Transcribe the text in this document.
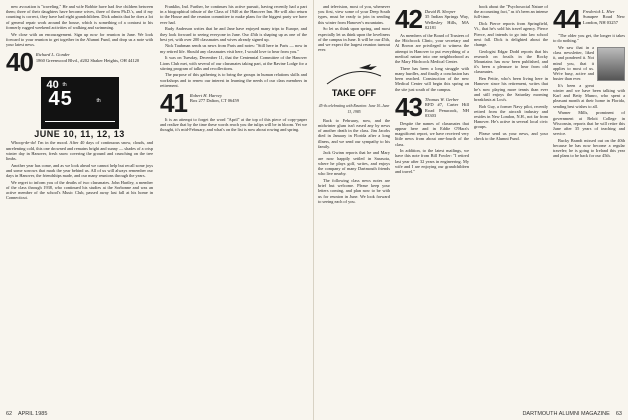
new avocation is "traveling." He and wife Bobbie have had five children between them; three of their daughters have become wives, three of them Ph.D.'s, and if my counting is correct, they have had eight grandchildren. Dick admits that he does a lot of general repair work around the house, which is something of a contrast to his formerly rugged weekend activities of walking and swimming.

We close with an encouragement. Sign up now for reunion in June. We look forward to your reunion to get together in the Alumni Fund, and drop us a note with your latest news.

40 Richard L. Gonder
1860 Greenwood Blvd., #202 Shaker Heights, OH 44120
40 th
45	th
JUNE 10, 11, 12, 13

Whoop-de-do! I'm in the mood. After 40 days of continuous snow, clouds, and unrelenting cold, this one drowned and remains bright and sunny — shades of a crisp winter day in Hanover, fresh snow covering the ground and crunching on the tree limbs.

Another year has come, and as we look ahead we cannot help but recall some joys and some sorrows that mark the year behind us. All of us will always remember our days in Hanover, the friendships made, and our many reunions through the years.

We regret to inform you of the deaths of two classmates. John Hartley, a member of the class through 1938, who continued his studies at the Sorbonne and was an active member of the school's Music Club, passed away last fall at his home in Connecticut.

Franklin, Ind. Further, he continues his active pursuit, having recently had a part in a biographical tribute of the Class of 1940 at the Hanover Inn. He will also return to the House and the reunion committee to make plans for the biggest party we have ever had.

Rudy Anderson writes that he and Jane have enjoyed many trips to Europe, and they look forward to seeing everyone in June. Our 45th is shaping up as one of the best yet, with over 200 classmates and wives already signed up.

Nick Taubman sends us news from Paris and notes: "Still here in Paris — now in my retired life. Should any classmates visit here, I would love to hear from you."

It was on Tuesday, December 11, that the Centennial Committee of the Hanover Lions Club met, with several of our classmates taking part, at the Ravine Lodge for a stirring program of talks and recollections.

The purpose of this gathering is to bring the groups in human relations skills and workshops and to renew our interest in learning the needs of our class members in retirement.

41 Robert H. Harvey
Box 277 Dalton, CT 06459

It is an attempt to forget the word "April" at the top of this piece of copy-paper and realize that by the time these words reach you the tulips will be in bloom. Yet we thought, it's mid-February, and what's on the list is now about rowing and spring.

62 APRIL 1985

and television, most of you, whenever you first, view some of your Deep South types, must be ready to join in sending this winter from Hanover's mountains.

So let us think upon spring, and most especially let us think upon the loveliness of the campus in June. It will be our 45th, and we expect the largest reunion turnout ever.

TAKE OFF
45-th celebrating with Reunion: June 10–June 13, 1985

Back to February, now, and the midwinter glum isn't eased any by news of another death in the class. Jim Jacobs died in January in Florida after a long illness, and we send our sympathy to his family.

Jack Gwinn reports that he and Mary are now happily settled in Sarasota, where he plays golf, writes, and enjoys the company of many Dartmouth friends who live nearby.

The following class news notes are brief but welcome. Please keep your letters coming, and plan now to be with us for reunion in June. We look forward to seeing each of you.

42 David B. Sleeper
35 Indian Springs Way, Wellesley Hills, MA 02181

As members of the Board of Trustees of the Hitchcock Clinic, your secretary and Al Brown are privileged to witness the attempt in Hanover to put everything of a medical nature into one neighborhood as the Mary Hitchcock Medical Center.

There has been a long struggle with many hurdles, and finally a conclusion has been reached. Construction of the new Medical Center will begin this spring on the site just south of the campus.

43 Thomas W. Gerber
RFD #7, Carter Hill Road Penacook, NH 03303

Despite the names of classmates that appear here and in Eddie O'Hara's magnificent report, we have received very little news from about one-fourth of the class.

In addition, to the latest mailings, we have this note from Bill Fowler: "I retired last year after 32 years in engineering. My wife and I are enjoying our grandchildren and travel."

book about the "Psychosocial Nature of the accounting fact," as it's been an intense full-time.

Dick Pierce reports from Springfield, Vt., that he's sold his travel agency. Pierce Pierce, and intends to go into law school next fall. Dick is delighted about the change.

Geologist Edgar Dodd reports that his research on fossils in the Rocky Mountains has now been published, and it's been a pleasure to hear from old classmates.

Ben Pettie, who's been living here in Hanover since his retirement, writes that he's now playing more tennis than ever and still enjoys the Saturday morning breakfasts at Lou's.

Bob Guy, a former Navy pilot, recently retired from the aircraft industry and resides in New London, N.H., not far from Hanover. He's active in several local civic groups.

Please send us your news, and your check to the Alumni Fund.

44 Frederick L. Hier
Sunapee Road New London, NH 03257

"The older you get, the longer it takes to do nothing."

We saw that in a class newsletter, liked it, and pondered it. Not mind you, that it applies to most of us. We're busy, active and busier than ever.

It's been a great winter and we have been talking with Karl and Betty Munro, who spent a pleasant month at their home in Florida, sending best wishes to all.

Warner Mills, prominent of government at Beloit College in Wisconsin, reports that he will retire this June after 35 years of teaching and service.

Bucky Brandt missed out on the 40th because he has now become a regular traveler; he is going to Ireland this year and plans to be back for our 45th.

DARTMOUTH ALUMNI MAGAZINE 63
